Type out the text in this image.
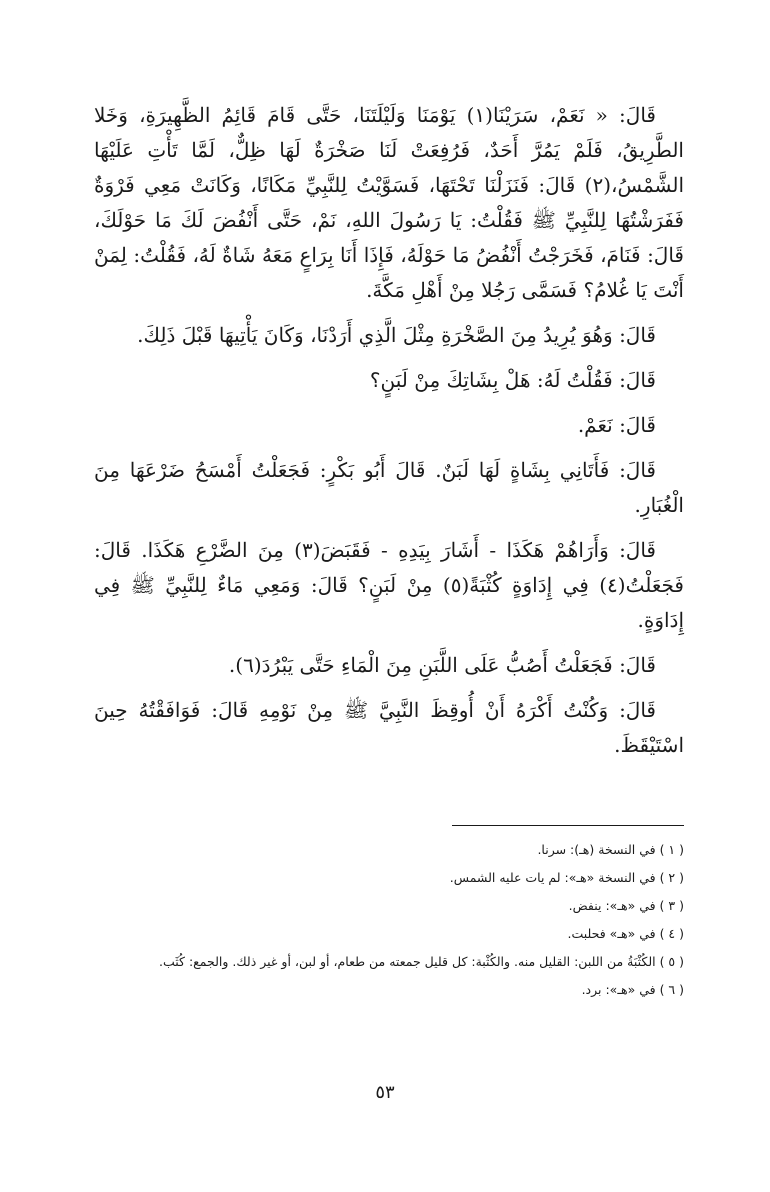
قَالَ: « نَعَمْ، سَرَيْنَا(١) يَوْمَنَا وَلَيْلَتَنَا، حَتَّى قَامَ قَائِمُ الظَّهِيرَةِ، وَخَلا الطَّرِيقُ، فَلَمْ يَمُرَّ أَحَدٌ، فَرُفِعَتْ لَنَا صَخْرَةٌ لَهَا ظِلٌّ، لَمَّا تَأْتِ عَلَيْهَا الشَّمْسُ،(٢) قَالَ: فَنَزَلْنَا تَحْتَهَا، فَسَوَّيْتُ لِلنَّبِيِّ مَكَانًا، وَكَانَتْ مَعِي فَرْوَةٌ فَفَرَشْتُهَا لِلنَّبِيِّ ﷺ فَقُلْتُ: يَا رَسُولَ اللهِ، نَمْ، حَتَّى أَنْفُضَ لَكَ مَا حَوْلَكَ، قَالَ: فَنَامَ، فَخَرَجْتُ أَنْفُضُ مَا حَوْلَهُ، فَإِذَا أَنَا بِرَاعٍ مَعَهُ شَاةٌ لَهُ، فَقُلْتُ: لِمَنْ أَنْتَ يَا غُلامُ؟ فَسَمَّى رَجُلا مِنْ أَهْلِ مَكَّةَ.

قَالَ: وَهُوَ يُرِيدُ مِنَ الصَّخْرَةِ مِثْلَ الَّذِي أَرَدْنَا، وَكَانَ يَأْتِيهَا قَبْلَ ذَلِكَ.

قَالَ: فَقُلْتُ لَهُ: هَلْ بِشَاتِكَ مِنْ لَبَنٍ؟

قَالَ: نَعَمْ.

قَالَ: فَأَتَانِي بِشَاةٍ لَهَا لَبَنٌ. قَالَ أَبُو بَكْرٍ: فَجَعَلْتُ أَمْسَحُ ضَرْعَهَا مِنَ الْغُبَارِ.

قَالَ: وَأَرَاهُمْ هَكَذَا - أَشَارَ بِيَدِهِ - فَقَبَضَ(٣) مِنَ الضَّرْعِ هَكَذَا. قَالَ: فَجَعَلْتُ(٤) فِي إِدَاوَةٍ كُثْبَةً(٥) مِنْ لَبَنٍ؟ قَالَ: وَمَعِي مَاءٌ لِلنَّبِيِّ ﷺ فِي إِدَاوَةٍ.

قَالَ: فَجَعَلْتُ أَصُبُّ عَلَى اللَّبَنِ مِنَ الْمَاءِ حَتَّى يَبْرُدَ(٦).

قَالَ: وَكُنْتُ أَكْرَهُ أَنْ أُوقِظَ النَّبِيَّ ﷺ مِنْ نَوْمِهِ قَالَ: فَوَافَقْتُهُ حِينَ اسْتَيْقَظَ.

( ١ ) في النسخة (هـ): سرنا.

( ٢ ) في النسخة «هـ»: لم يات عليه الشمس.

( ٣ ) في «هـ»: ينفض.

( ٤ ) في «هـ» فحلبت.

( ٥ ) الكُثْبَةُ من اللبن: القليل منه. والكُثْبة: كل قليل جمعته من طعام، أو لبن، أو غير ذلك. والجمع: كُثَب.

( ٦ ) في «هـ»: برد.

٥٣
